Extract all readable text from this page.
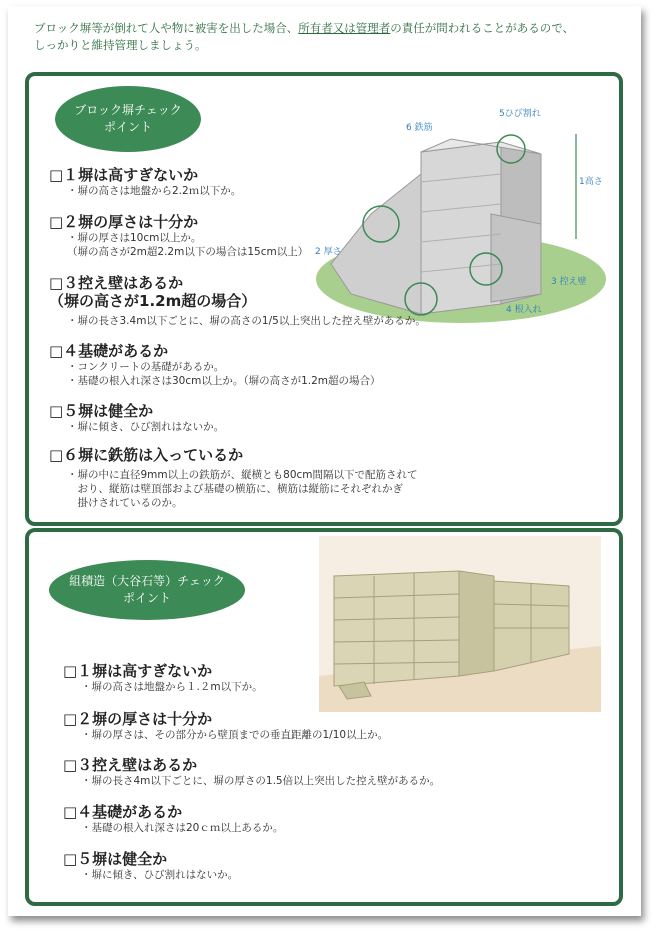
ブロック塀等が倒れて人や物に被害を出した場合、所有者又は管理者の責任が問われることがあるので、
しっかりと維持管理しましょう。
ブロック塀チェック
ポイント	6 鉄筋
5ひび割れ
1高さ
2 厚さ
3 控え壁
4 根入れ
□１塀は高すぎないか
・塀の高さは地盤から2.2ｍ以下か。
□２塀の厚さは十分か
・塀の厚さは10cm以上か。
（塀の高さが2m超2.2m以下の場合は15cm以上）
□３控え壁はあるか
（塀の高さが1.2m超の場合）
・塀の長さ3.4m以下ごとに、塀の高さの1/5以上突出した控え壁があるか。
□４基礎があるか
・コンクリートの基礎があるか。
・基礎の根入れ深さは30cm以上か。（塀の高さが1.2m超の場合）
□５塀は健全か
・塀に傾き、ひび割れはないか。
□６塀に鉄筋は入っているか
・塀の中に直径9mm以上の鉄筋が、縦横とも80cm間隔以下で配筋されて
　おり、縦筋は壁頂部および基礎の横筋に、横筋は縦筋にそれぞれかぎ
　掛けされているのか。
組積造（大谷石等）チェック
ポイント
□１塀は高すぎないか
・塀の高さは地盤から１.２m以下か。
□２塀の厚さは十分か
・塀の厚さは、その部分から壁頂までの垂直距離の1/10以上か。
□３控え壁はあるか
・塀の長さ4m以下ごとに、塀の厚さの1.5倍以上突出した控え壁があるか。
□４基礎があるか
・基礎の根入れ深さは20ｃｍ以上あるか。
□５塀は健全か
・塀に傾き、ひび割れはないか。
